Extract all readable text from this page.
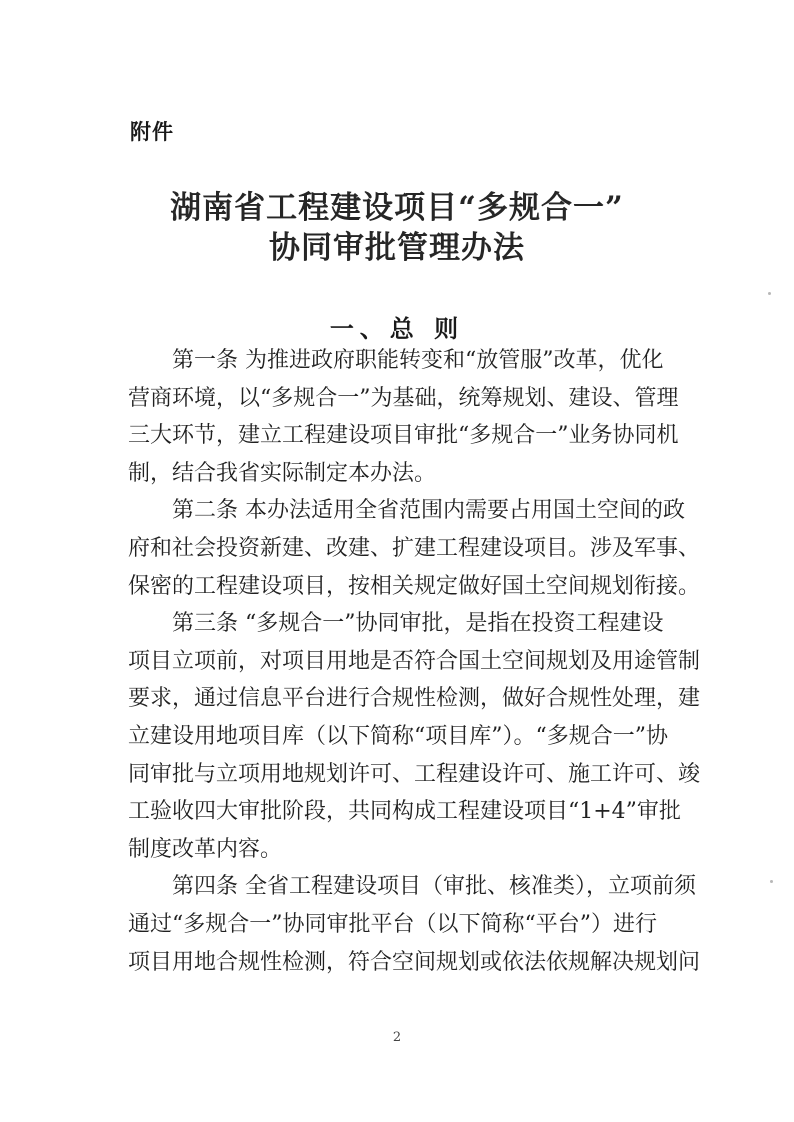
附件
湖南省工程建设项目“多规合一”
协同审批管理办法
一、总 则
第一条 为推进政府职能转变和“放管服”改革，优化
营商环境，以“多规合一”为基础，统筹规划、建设、管理
三大环节，建立工程建设项目审批“多规合一”业务协同机
制，结合我省实际制定本办法。
第二条 本办法适用全省范围内需要占用国土空间的政
府和社会投资新建、改建、扩建工程建设项目。涉及军事、
保密的工程建设项目，按相关规定做好国土空间规划衔接。
第三条 “多规合一”协同审批，是指在投资工程建设
项目立项前，对项目用地是否符合国土空间规划及用途管制
要求，通过信息平台进行合规性检测，做好合规性处理，建
立建设用地项目库（以下简称“项目库”）。“多规合一”协
同审批与立项用地规划许可、工程建设许可、施工许可、竣
工验收四大审批阶段，共同构成工程建设项目“1+4”审批
制度改革内容。
第四条 全省工程建设项目（审批、核准类），立项前须
通过“多规合一”协同审批平台（以下简称“平台”）进行
项目用地合规性检测，符合空间规划或依法依规解决规划问
2
